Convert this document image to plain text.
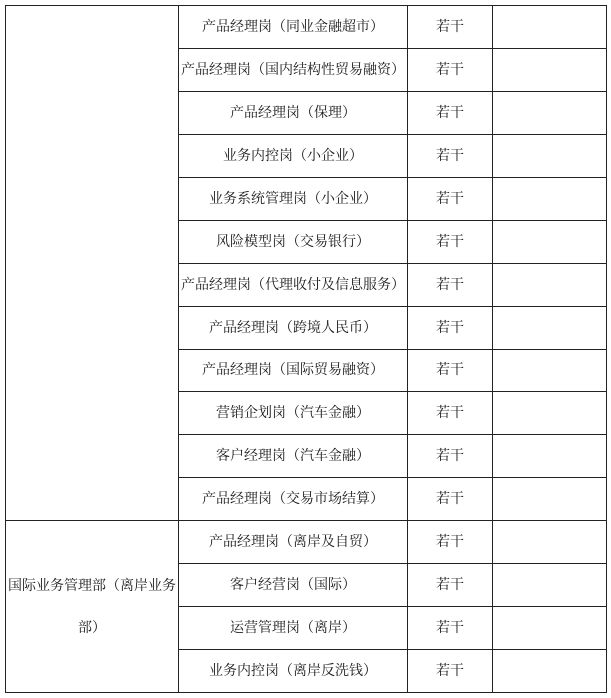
	产品经理岗（同业金融超市）	若干	
	产品经理岗（国内结构性贸易融资）	若干	
	产品经理岗（保理）	若干	
	业务内控岗（小企业）	若干	
	业务系统管理岗（小企业）	若干	
	风险模型岗（交易银行）	若干	
	产品经理岗（代理收付及信息服务）	若干	
	产品经理岗（跨境人民币）	若干	
	产品经理岗（国际贸易融资）	若干	
	营销企划岗（汽车金融）	若干	
	客户经理岗（汽车金融）	若干	
	产品经理岗（交易市场结算）	若干	
国际业务管理部（离岸业务部）	产品经理岗（离岸及自贸）	若干	
	客户经营岗（国际）	若干	
	运营管理岗（离岸）	若干	
	业务内控岗（离岸反洗钱）	若干	
